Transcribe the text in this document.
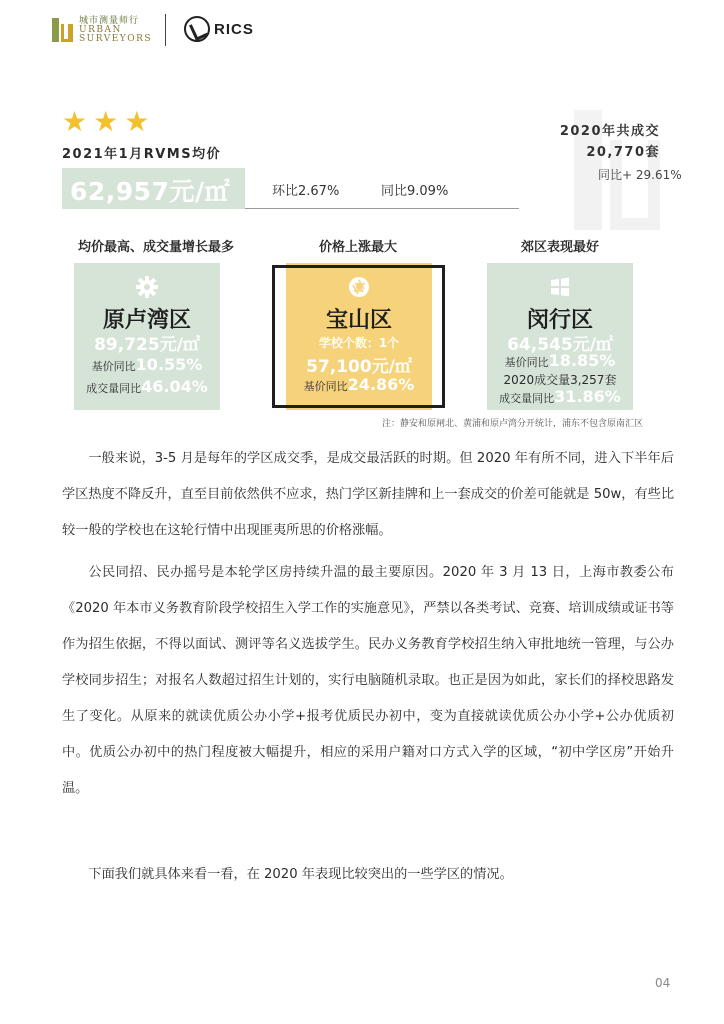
城市测量师行
URBAN
SURVEYORS
RICS
★ ★ ★
2021年1月RVMS均价
62,957元/㎡	环比2.67%	同比9.09%
2020年共成交
20,770套
同比+ 29.61%
均价最高、成交量增长最多	价格上涨最大	郊区表现最好
原卢湾区
89,725元/㎡
基价同比10.55%
成交量同比46.04%
宝山区
学校个数：1个
57,100元/㎡
基价同比24.86%
闵行区
64,545元/㎡
基价同比18.85%
2020成交量3,257套
成交量同比31.86%
注：静安和原闸北、黄浦和原卢湾分开统计，浦东不包含原南汇区

一般来说，3-5 月是每年的学区成交季，是成交最活跃的时期。但 2020 年有所不同，进入下半年后学区热度不降反升，直至目前依然供不应求，热门学区新挂牌和上一套成交的价差可能就是 50w，有些比较一般的学校也在这轮行情中出现匪夷所思的价格涨幅。

公民同招、民办摇号是本轮学区房持续升温的最主要原因。2020 年 3 月 13 日，上海市教委公布《2020 年本市义务教育阶段学校招生入学工作的实施意见》，严禁以各类考试、竞赛、培训成绩或证书等作为招生依据，不得以面试、测评等名义选拔学生。民办义务教育学校招生纳入审批地统一管理，与公办学校同步招生；对报名人数超过招生计划的，实行电脑随机录取。也正是因为如此，家长们的择校思路发生了变化。从原来的就读优质公办小学+报考优质民办初中，变为直接就读优质公办小学+公办优质初中。优质公办初中的热门程度被大幅提升，相应的采用户籍对口方式入学的区域，“初中学区房”开始升温。

下面我们就具体来看一看，在 2020 年表现比较突出的一些学区的情况。

04
